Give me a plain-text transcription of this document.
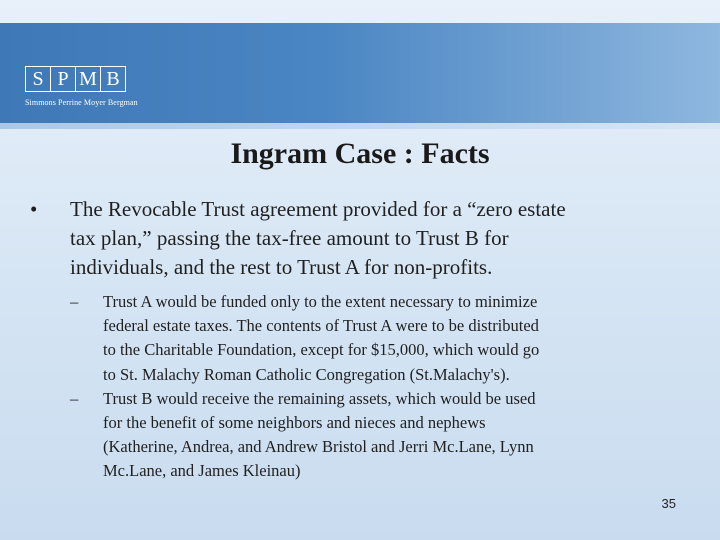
S P M B
Simmons Perrine Moyer Bergman
Ingram Case : Facts
•	The Revocable Trust agreement provided for a “zero estate
tax plan,” passing the tax-free amount to Trust B for
individuals, and the rest to Trust A for non-profits.
–	Trust A would be funded only to the extent necessary to minimize
federal estate taxes. The contents of Trust A were to be distributed
to the Charitable Foundation, except for $15,000, which would go
to St. Malachy Roman Catholic Congregation (St.Malachy's).
–	Trust B would receive the remaining assets, which would be used
for the benefit of some neighbors and nieces and nephews
(Katherine, Andrea, and Andrew Bristol and Jerri Mc.Lane, Lynn
Mc.Lane, and James Kleinau)
35
